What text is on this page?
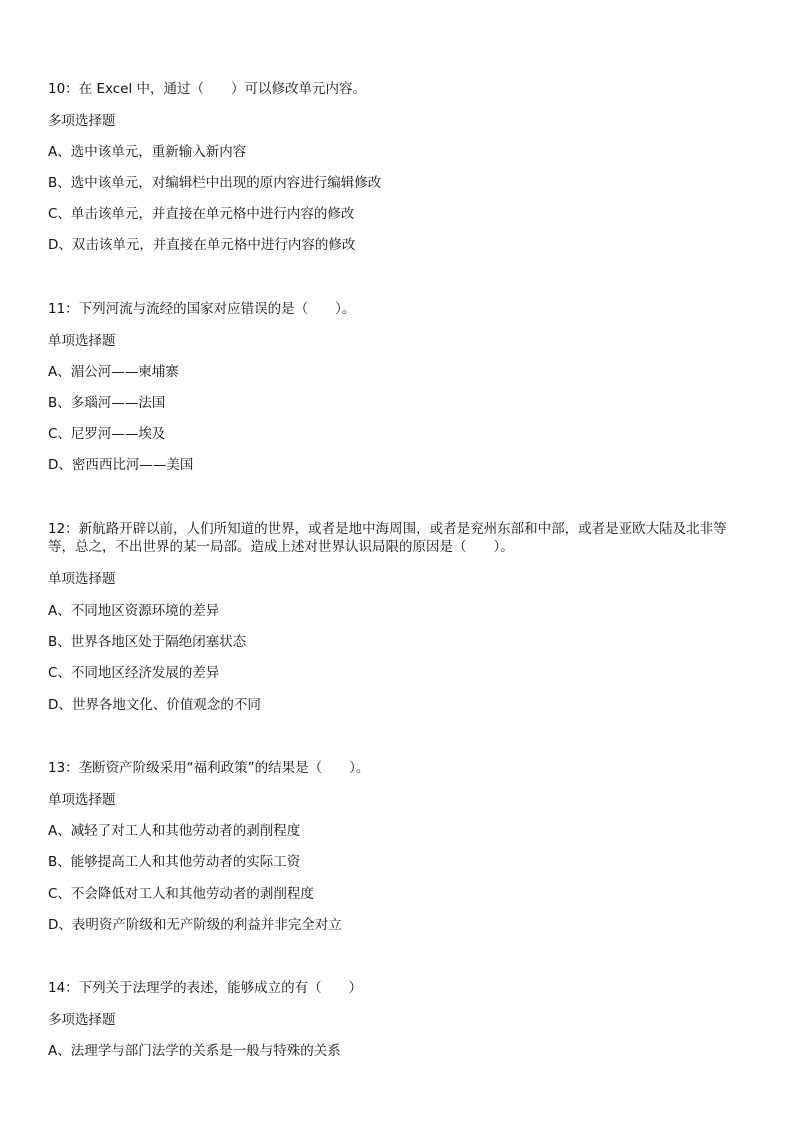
10：在 Excel 中，通过（　　）可以修改单元内容。
多项选择题
A、选中该单元，重新输入新内容
B、选中该单元，对编辑栏中出现的原内容进行编辑修改
C、单击该单元，并直接在单元格中进行内容的修改
D、双击该单元，并直接在单元格中进行内容的修改
11：下列河流与流经的国家对应错误的是（　　）。
单项选择题
A、湄公河——柬埔寨
B、多瑙河——法国
C、尼罗河——埃及
D、密西西比河——美国
12：新航路开辟以前，人们所知道的世界，或者是地中海周围，或者是兖州东部和中部，或者是亚欧大陆及北非等等，总之，不出世界的某一局部。造成上述对世界认识局限的原因是（　　）。
单项选择题
A、不同地区资源环境的差异
B、世界各地区处于隔绝闭塞状态
C、不同地区经济发展的差异
D、世界各地文化、价值观念的不同
13：垄断资产阶级采用“福利政策”的结果是（　　）。
单项选择题
A、减轻了对工人和其他劳动者的剥削程度
B、能够提高工人和其他劳动者的实际工资
C、不会降低对工人和其他劳动者的剥削程度
D、表明资产阶级和无产阶级的利益并非完全对立
14：下列关于法理学的表述，能够成立的有（　　）
多项选择题
A、法理学与部门法学的关系是一般与特殊的关系
